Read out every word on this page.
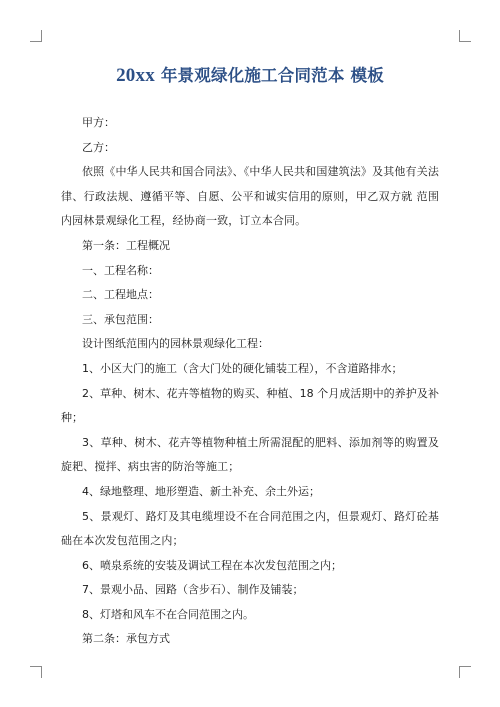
20xx 年景观绿化施工合同范本 模板

甲方：

乙方：

依照《中华人民共和国合同法》、《中华人民共和国建筑法》及其他有关法律、行政法规、遵循平等、自愿、公平和诚实信用的原则，甲乙双方就 范围内园林景观绿化工程，经协商一致，订立本合同。

第一条：工程概况

一、工程名称：

二、工程地点：

三、承包范围：

设计图纸范围内的园林景观绿化工程：

1、小区大门的施工（含大门处的硬化铺装工程），不含道路排水；

2、草种、树木、花卉等植物的购买、种植、18 个月成活期中的养护及补种；

3、草种、树木、花卉等植物种植土所需混配的肥料、添加剂等的购置及旋耙、搅拌、病虫害的防治等施工；

4、绿地整理、地形塑造、新土补充、余土外运；

5、景观灯、路灯及其电缆埋设不在合同范围之内，但景观灯、路灯砼基础在本次发包范围之内；

6、喷泉系统的安装及调试工程在本次发包范围之内；

7、景观小品、园路（含步石）、制作及铺装；

8、灯塔和风车不在合同范围之内。

第二条：承包方式
